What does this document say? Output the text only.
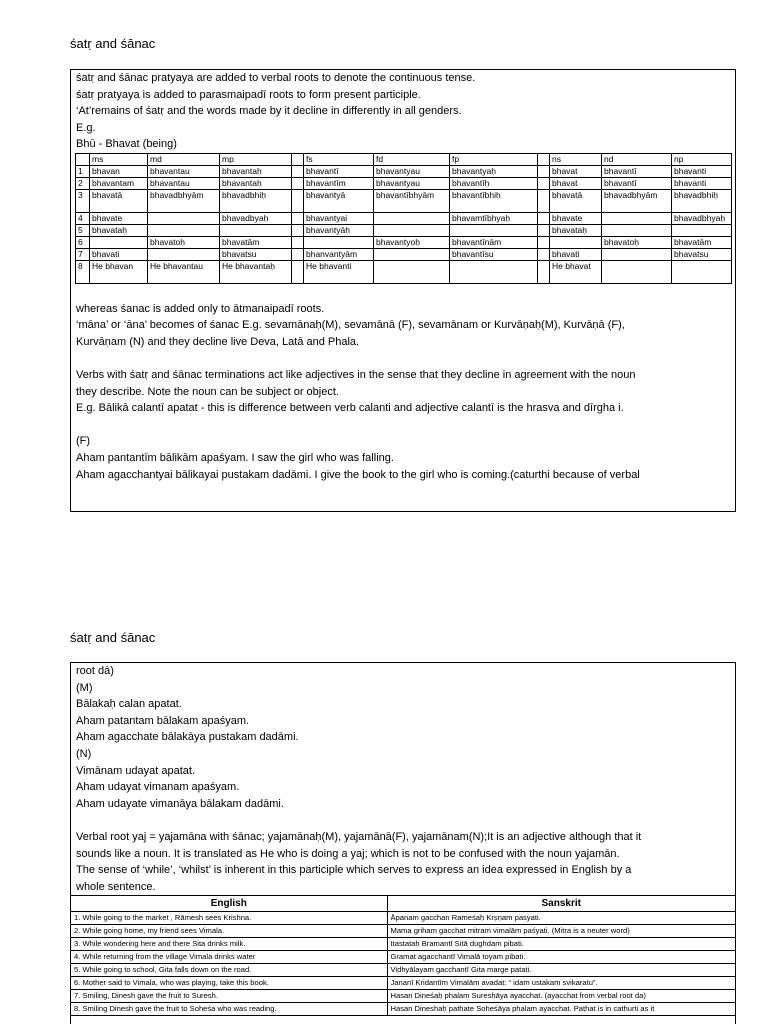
śatṛ and śānac
śatṛ and śānac pratyaya are added to verbal roots to denote the continuous tense.
śatṛ pratyaya is added to parasmaipadī roots to form present participle.
‘At’remains of śatṛ and the words made by it decline in differently in all genders.
E.g.
Bhū - Bhavat (being)
	ms	md	mp		fs	fd	fp		ns	nd	np
1	bhavan	bhavantau	bhavantaḥ		bhavantī	bhavantyau	bhavantyaḥ		bhavat	bhavantī	bhavanti
2	bhavantam	bhavantau	bhavantaḥ		bhavantīm	bhavantyau	bhavantīḥ		bhavat	bhavantī	bhavanti
3	bhavatā	bhavadbhyām	bhavadbhiḥ		bhavantyā	bhavantībhyām	bhavantībhiḥ		bhavatā	bhavadbhyām	bhavadbhiḥ
4	bhavate		bhavadbyaḥ		bhavantyai		bhavamtībhyaḥ		bhavate		bhavadbhyaḥ
5	bhavataḥ				bhavantyāḥ				bhavataḥ		
6		bhavatoḥ	bhavatām			bhavantyoḥ	bhavantīnām			bhavatoḥ	bhavatām
7	bhavati		bhavatsu		bhanvantyām		bhavantīsu		bhavati		bhavatsu
8	He bhavan	He bhavantau	He bhavantaḥ		He bhavanti				He bhavat		
whereas śanac is added only to ātmanaipadī roots.
‘māna’ or ‘āna’ becomes of śanac E.g. sevamānaḥ(M), sevamānā (F), sevamānam or Kurvāṇaḥ(M), Kurvāṇā (F),
Kurvāṇam (N) and they decline live Deva, Latā and Phala.
Verbs with śatṛ and śānac terminations act like adjectives in the sense that they decline in agreement with the noun
they describe. Note the noun can be subject or object.
E.g. Bālikā calantī apatat - this is difference between verb calanti and adjective calantī is the hrasva and dīrgha i.
(F)
Aham pantantīm bālikām apaśyam. I saw the girl who was falling.
Aham agacchantyai bālikayai pustakam dadāmi. I give the book to the girl who is coming.(caturthi because of verbal
śatṛ and śānac
root dā)
(M)
Bālakaḥ calan apatat.
Aham patantam bālakam apaśyam.
Aham agacchate bālakāya pustakam dadāmi.
(N)
Vimānam udayat apatat.
Aham udayat vimanam apaśyam.
Aham udayate vimanāya bālakam dadāmi.
Verbal root yaj = yajamāna with śānac; yajamānaḥ(M), yajamānā(F), yajamānam(N);It is an adjective although that it
sounds like a noun. It is translated as He who is doing a yaj; which is not to be confused with the noun yajamān.
The sense of ‘while’, ‘whilst’ is inherent in this participle which serves to express an idea expressed in English by a
whole sentence.
English	Sanskrit
1. While going to the market , Rāmesh sees Krishna.	Āpanam gacchan Rameśaḥ Krṣṇam pasyati.
2. While going home, my friend sees Vimala.	Mama griham gacchat mitram vimalām paśyati. (Mitra is a neuter word)
3. While wondering here and there Sita drinks milk.	Itastataḥ Bramantī Sitā dughdam pibati.
4. While returning from the village Vimala drinks water	Gramat agacchantī Vimalā toyam pibati.
5. While going to school, Gita falls down on the road.	Vidhyālayam gacchantī Gita marge patati.
6. Mother said to Vimala, who was playing, take this book.	Jananī Kridantīm Vimalām avadat: “ idam ustakam svikaratu”.
7. Smiling, Dinesh gave the fruit to Suresh.	Hasan Dineśaḥ phalam Sureshāya ayacchat. (ayacchat from verbal root da)
8. Smiling Dinesh gave the fruit to Soheśa who was reading.	Hasan Dineshaḥ pathate Soheśāya phalam ayacchat. Paṭhat is in cathurti as it
